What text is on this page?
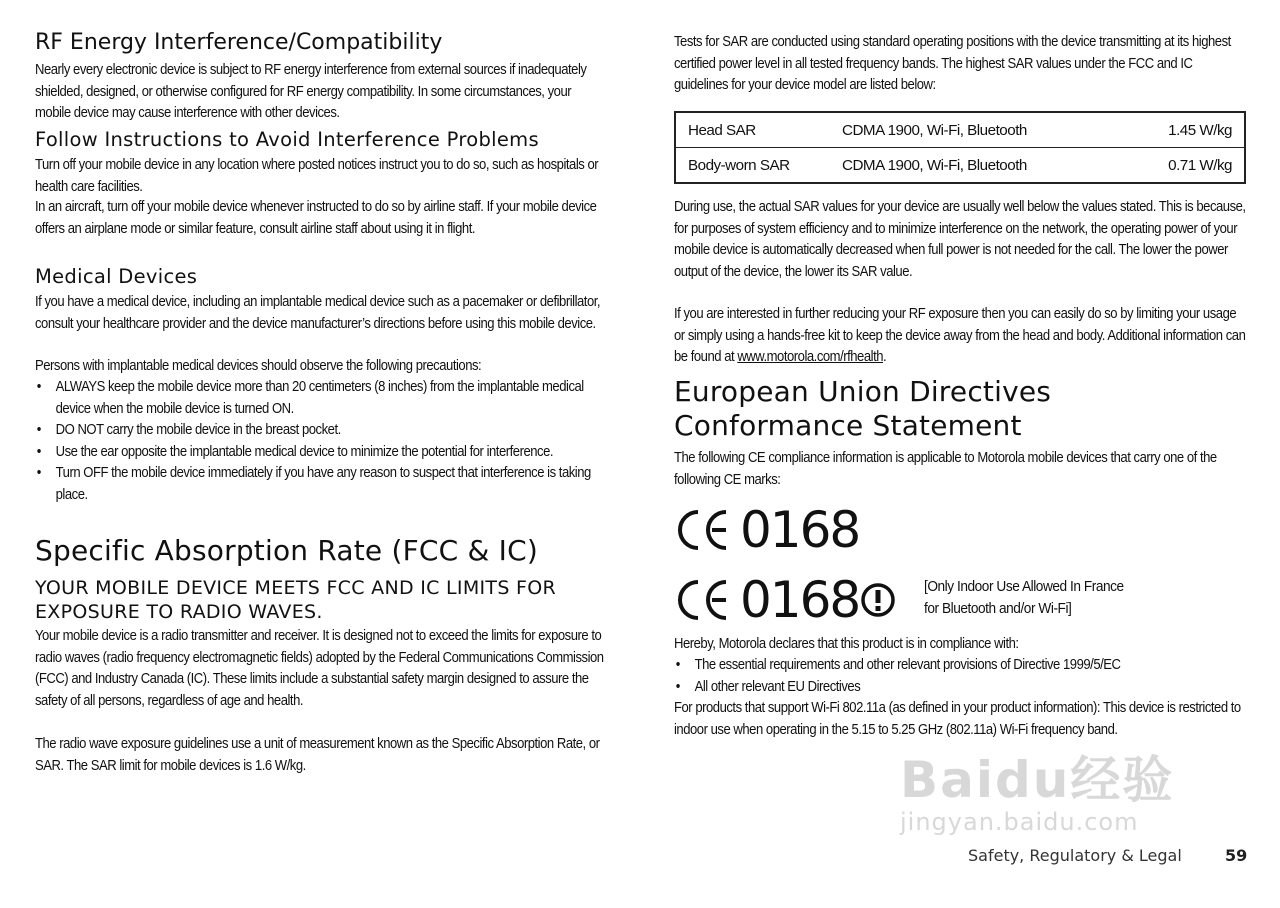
RF Energy Interference/Compatibility

Nearly every electronic device is subject to RF energy interference from external sources if inadequately shielded, designed, or otherwise configured for RF energy compatibility. In some circumstances, your mobile device may cause interference with other devices.

Follow Instructions to Avoid Interference Problems

Turn off your mobile device in any location where posted notices instruct you to do so, such as hospitals or health care facilities.

In an aircraft, turn off your mobile device whenever instructed to do so by airline staff. If your mobile device offers an airplane mode or similar feature, consult airline staff about using it in flight.

Medical Devices

If you have a medical device, including an implantable medical device such as a pacemaker or defibrillator, consult your healthcare provider and the device manufacturer’s directions before using this mobile device.

Persons with implantable medical devices should observe the following precautions:

• ALWAYS keep the mobile device more than 20 centimeters (8 inches) from the implantable medical device when the mobile device is turned ON.
• DO NOT carry the mobile device in the breast pocket.
• Use the ear opposite the implantable medical device to minimize the potential for interference.
• Turn OFF the mobile device immediately if you have any reason to suspect that interference is taking place.
Specific Absorption Rate (FCC & IC)
YOUR MOBILE DEVICE MEETS FCC AND IC LIMITS FOR EXPOSURE TO RADIO WAVES.

Your mobile device is a radio transmitter and receiver. It is designed not to exceed the limits for exposure to radio waves (radio frequency electromagnetic fields) adopted by the Federal Communications Commission (FCC) and Industry Canada (IC). These limits include a substantial safety margin designed to assure the safety of all persons, regardless of age and health.

The radio wave exposure guidelines use a unit of measurement known as the Specific Absorption Rate, or SAR. The SAR limit for mobile devices is 1.6 W/kg.

Tests for SAR are conducted using standard operating positions with the device transmitting at its highest certified power level in all tested frequency bands. The highest SAR values under the FCC and IC guidelines for your device model are listed below:

Head SAR	CDMA 1900, Wi-Fi, Bluetooth	1.45 W/kg
Body-worn SAR	CDMA 1900, Wi-Fi, Bluetooth	0.71 W/kg

During use, the actual SAR values for your device are usually well below the values stated. This is because, for purposes of system efficiency and to minimize interference on the network, the operating power of your mobile device is automatically decreased when full power is not needed for the call. The lower the power output of the device, the lower its SAR value.

If you are interested in further reducing your RF exposure then you can easily do so by limiting your usage or simply using a hands-free kit to keep the device away from the head and body. Additional information can be found at www.motorola.com/rfhealth.

European Union Directives Conformance Statement

The following CE compliance information is applicable to Motorola mobile devices that carry one of the following CE marks:

0168
0168	[Only Indoor Use Allowed In France
for Bluetooth and/or Wi-Fi]

Hereby, Motorola declares that this product is in compliance with:

• The essential requirements and other relevant provisions of Directive 1999/5/EC
• All other relevant EU Directives

For products that support Wi-Fi 802.11a (as defined in your product information): This device is restricted to indoor use when operating in the 5.15 to 5.25 GHz (802.11a) Wi-Fi frequency band.

Baidu经验
jingyan.baidu.com
Safety, Regulatory & Legal	59
